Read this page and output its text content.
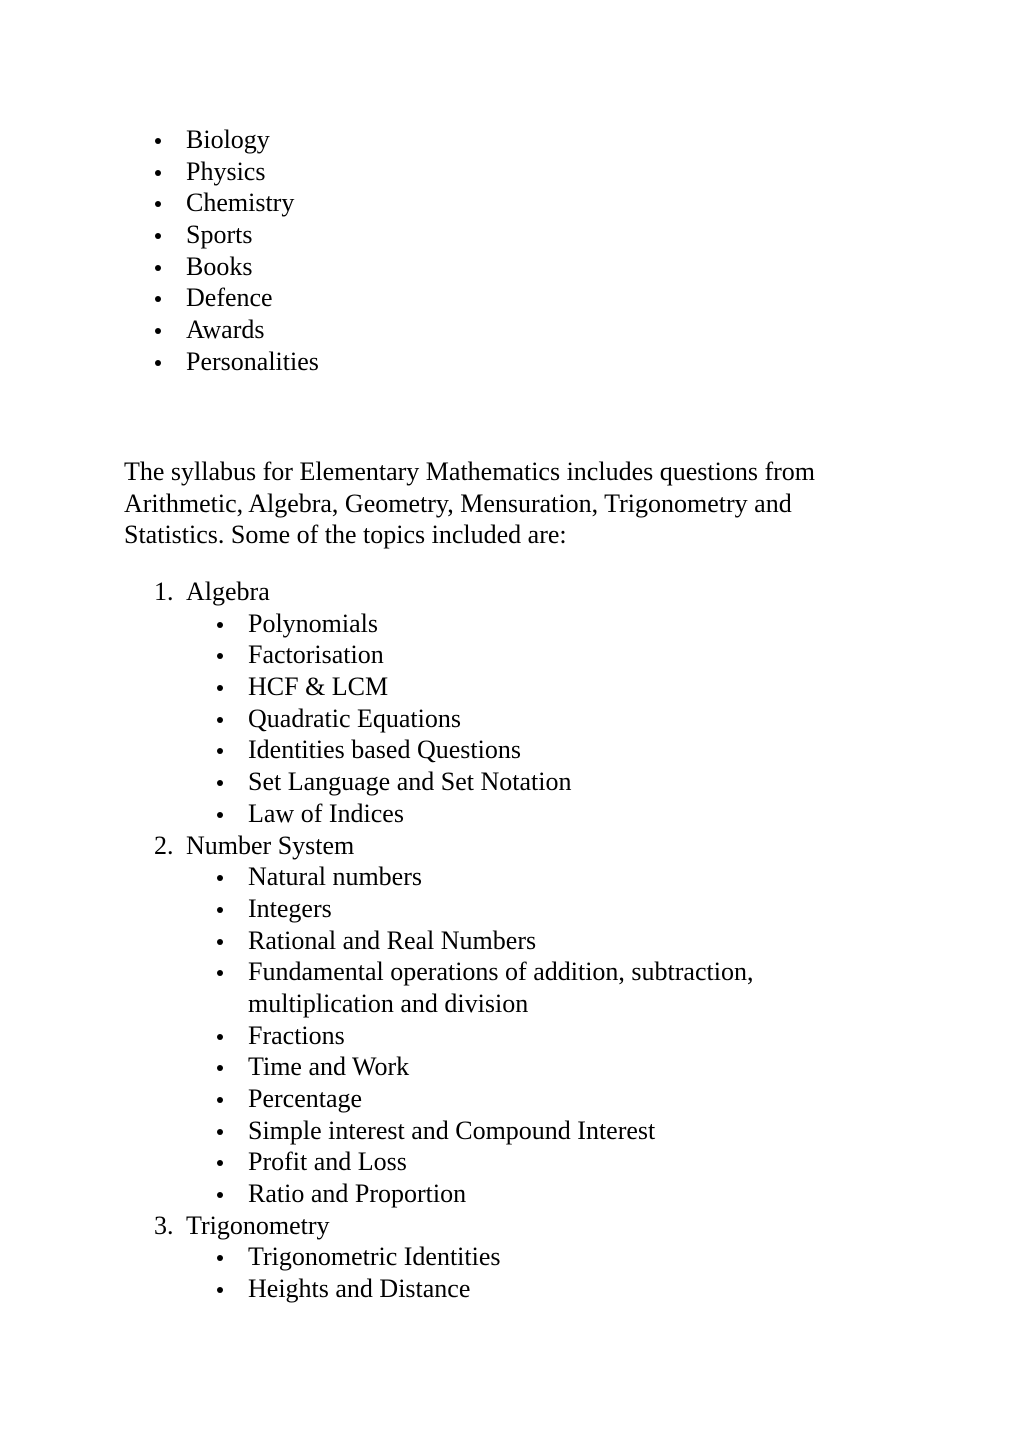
Biology
Physics
Chemistry
Sports
Books
Defence
Awards
Personalities

The syllabus for Elementary Mathematics includes questions from

Arithmetic, Algebra, Geometry, Mensuration, Trigonometry and

Statistics. Some of the topics included are:

1. Algebra
Polynomials
Factorisation
HCF & LCM
Quadratic Equations
Identities based Questions
Set Language and Set Notation
Law of Indices
2. Number System
Natural numbers
Integers
Rational and Real Numbers
Fundamental operations of addition, subtraction, multiplication and division
Fractions
Time and Work
Percentage
Simple interest and Compound Interest
Profit and Loss
Ratio and Proportion
3. Trigonometry
Trigonometric Identities
Heights and Distance
